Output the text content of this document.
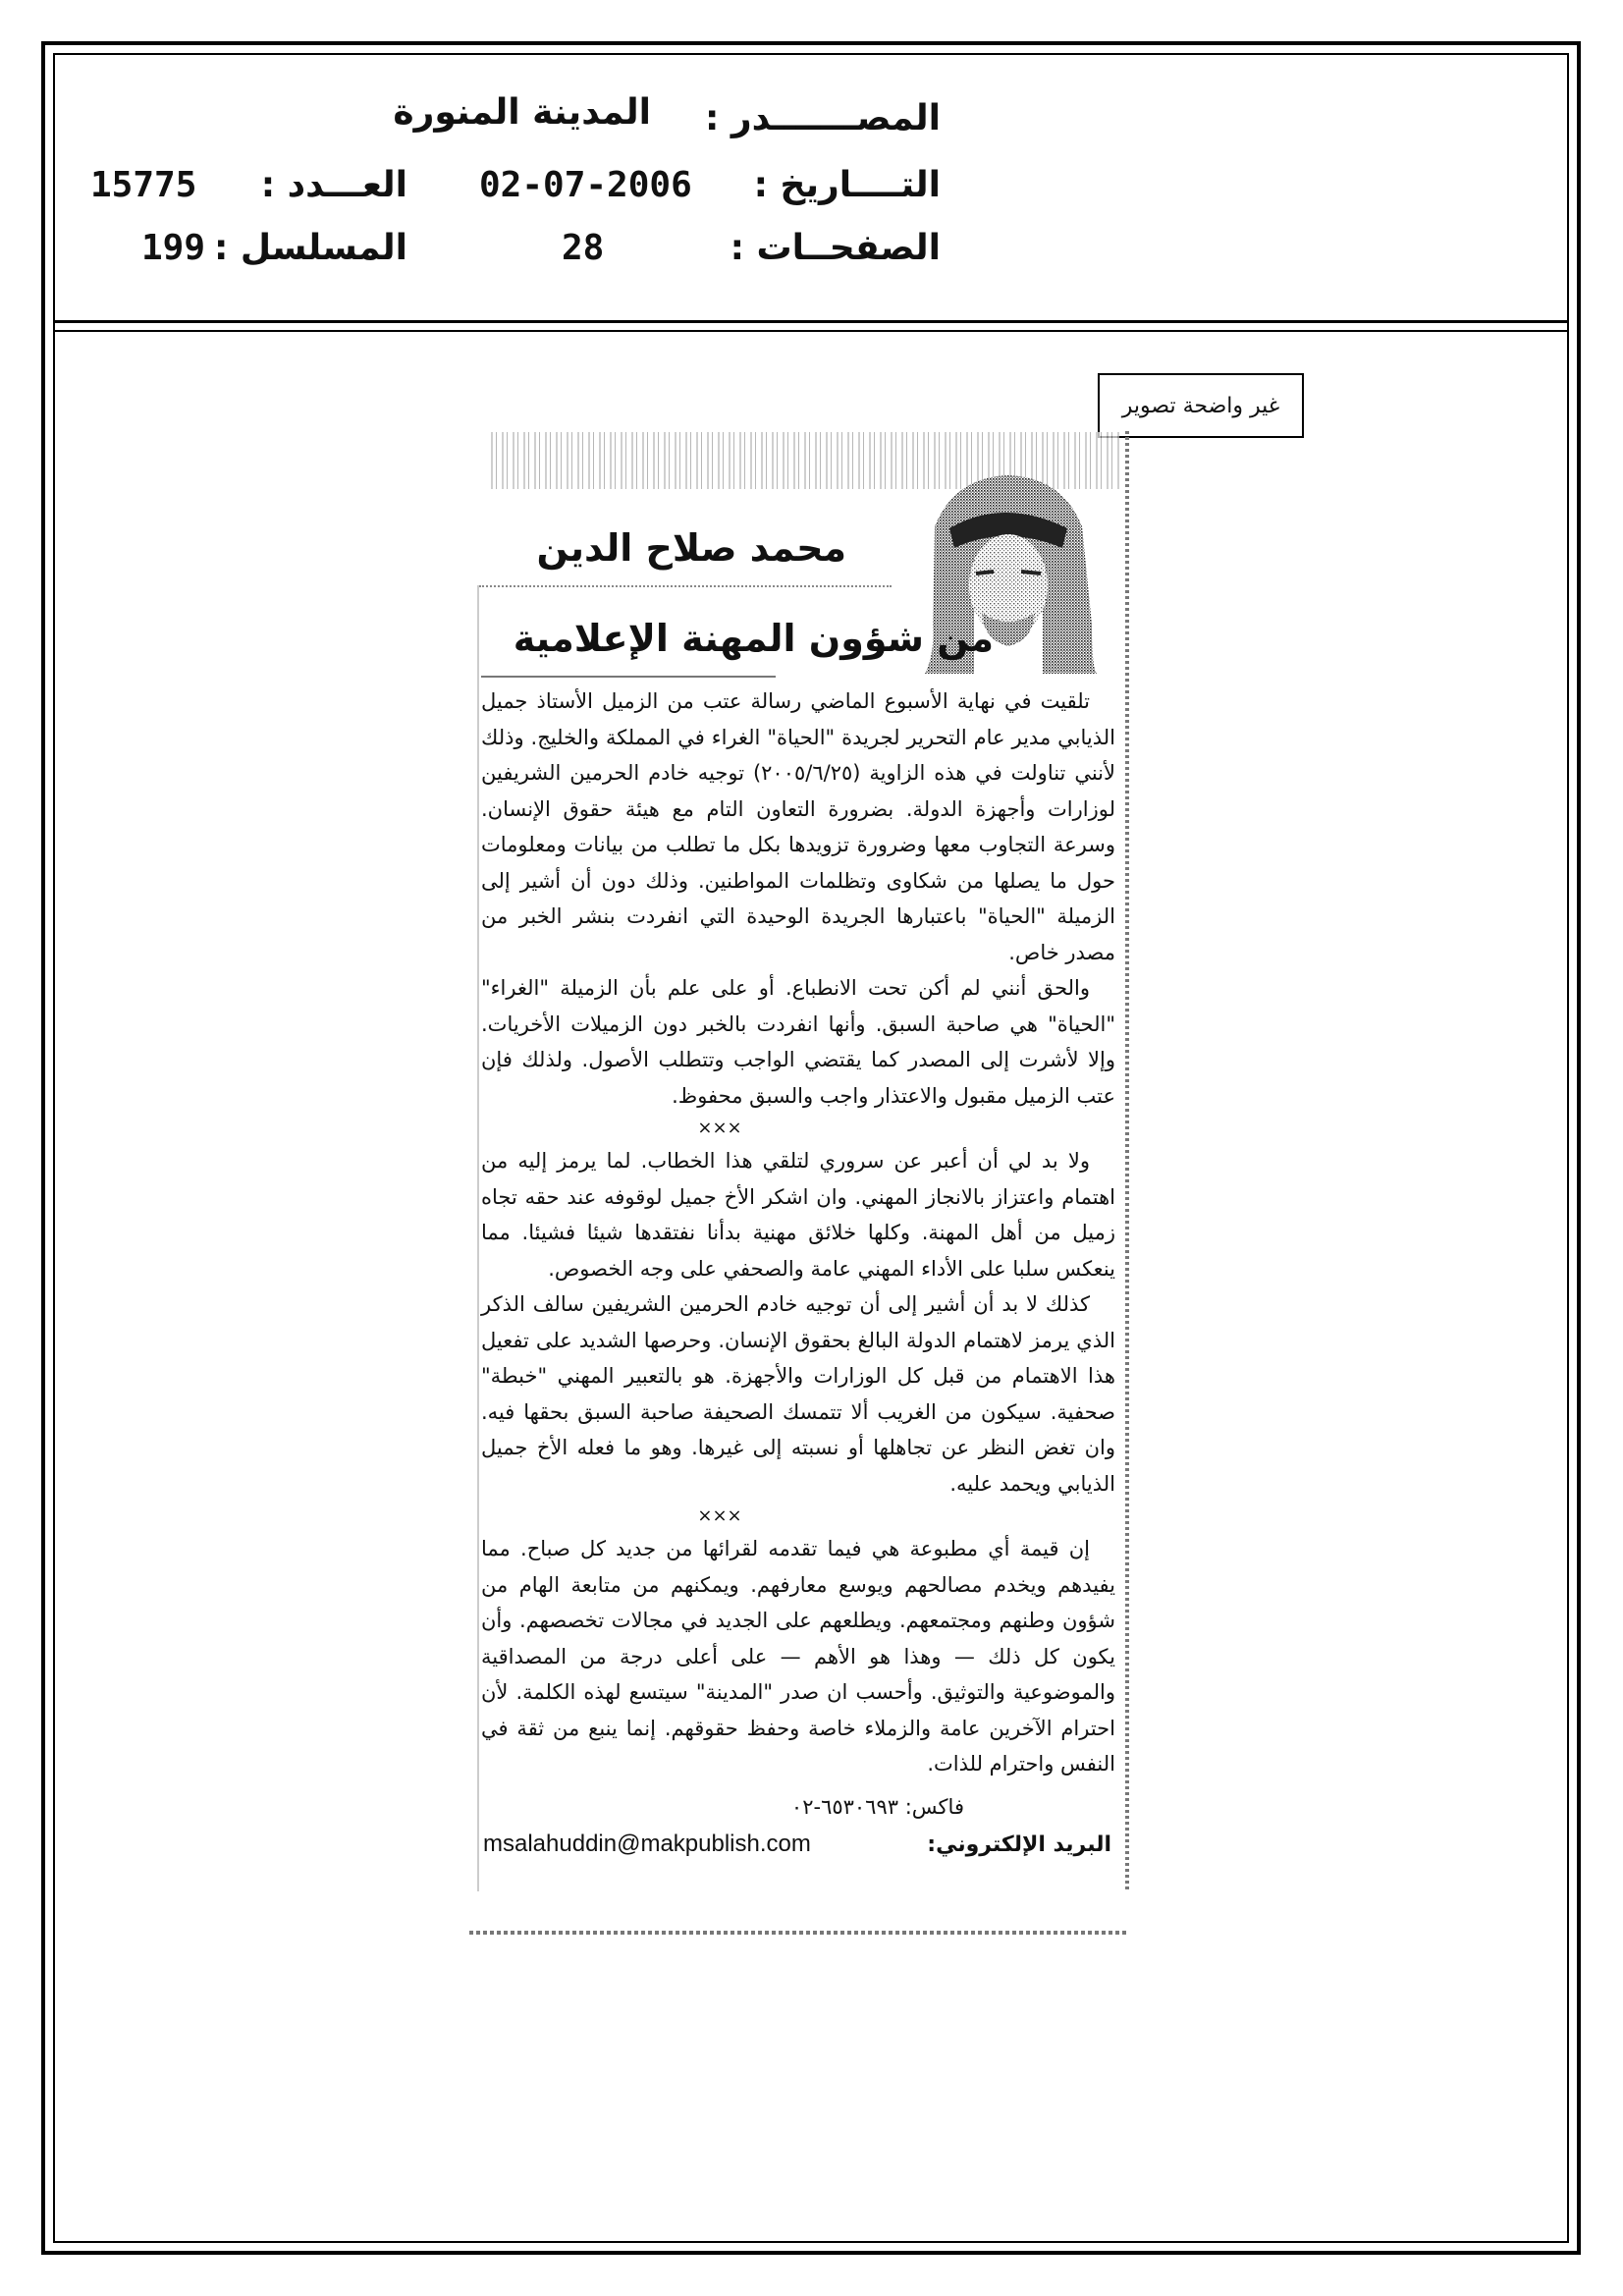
المصـــــــدر :
التــــاريخ :
الصفحــات :
المدينة المنورة
02-07-2006
28
العـــدد :
المسلسل :
15775
199
غير واضحة تصوير
محمد صلاح الدين
من شؤون المهنة الإعلامية

تلقيت في نهاية الأسبوع الماضي رسالة عتب من الزميل الأستاذ جميل الذيابي مدير عام التحرير لجريدة "الحياة" الغراء في المملكة والخليج. وذلك لأنني تناولت في هذه الزاوية (٢٠٠٥/٦/٢٥) توجيه خادم الحرمين الشريفين لوزارات وأجهزة الدولة. بضرورة التعاون التام مع هيئة حقوق الإنسان. وسرعة التجاوب معها وضرورة تزويدها بكل ما تطلب من بيانات ومعلومات حول ما يصلها من شكاوى وتظلمات المواطنين. وذلك دون أن أشير إلى الزميلة "الحياة" باعتبارها الجريدة الوحيدة التي انفردت بنشر الخبر من مصدر خاص.

والحق أنني لم أكن تحت الانطباع. أو على علم بأن الزميلة "الغراء" "الحياة" هي صاحبة السبق. وأنها انفردت بالخبر دون الزميلات الأخريات. وإلا لأشرت إلى المصدر كما يقتضي الواجب وتتطلب الأصول. ولذلك فإن عتب الزميل مقبول والاعتذار واجب والسبق محفوظ.

×××

ولا بد لي أن أعبر عن سروري لتلقي هذا الخطاب. لما يرمز إليه من اهتمام واعتزاز بالانجاز المهني. وان اشكر الأخ جميل لوقوفه عند حقه تجاه زميل من أهل المهنة. وكلها خلائق مهنية بدأنا نفتقدها شيئا فشيئا. مما ينعكس سلبا على الأداء المهني عامة والصحفي على وجه الخصوص.

كذلك لا بد أن أشير إلى أن توجيه خادم الحرمين الشريفين سالف الذكر الذي يرمز لاهتمام الدولة البالغ بحقوق الإنسان. وحرصها الشديد على تفعيل هذا الاهتمام من قبل كل الوزارات والأجهزة. هو بالتعبير المهني "خبطة" صحفية. سيكون من الغريب ألا تتمسك الصحيفة صاحبة السبق بحقها فيه. وان تغض النظر عن تجاهلها أو نسبته إلى غيرها. وهو ما فعله الأخ جميل الذيابي ويحمد عليه.

×××

إن قيمة أي مطبوعة هي فيما تقدمه لقرائها من جديد كل صباح. مما يفيدهم ويخدم مصالحهم ويوسع معارفهم. ويمكنهم من متابعة الهام من شؤون وطنهم ومجتمعهم. ويطلعهم على الجديد في مجالات تخصصهم. وأن يكون كل ذلك — وهذا هو الأهم — على أعلى درجة من المصداقية والموضوعية والتوثيق. وأحسب ان صدر "المدينة" سيتسع لهذه الكلمة. لأن احترام الآخرين عامة والزملاء خاصة وحفظ حقوقهم. إنما ينبع من ثقة في النفس واحترام للذات.

فاكس: ٦٥٣٠٦٩٣-٠٢
البريد الإلكتروني:
msalahuddin@makpublish.com
